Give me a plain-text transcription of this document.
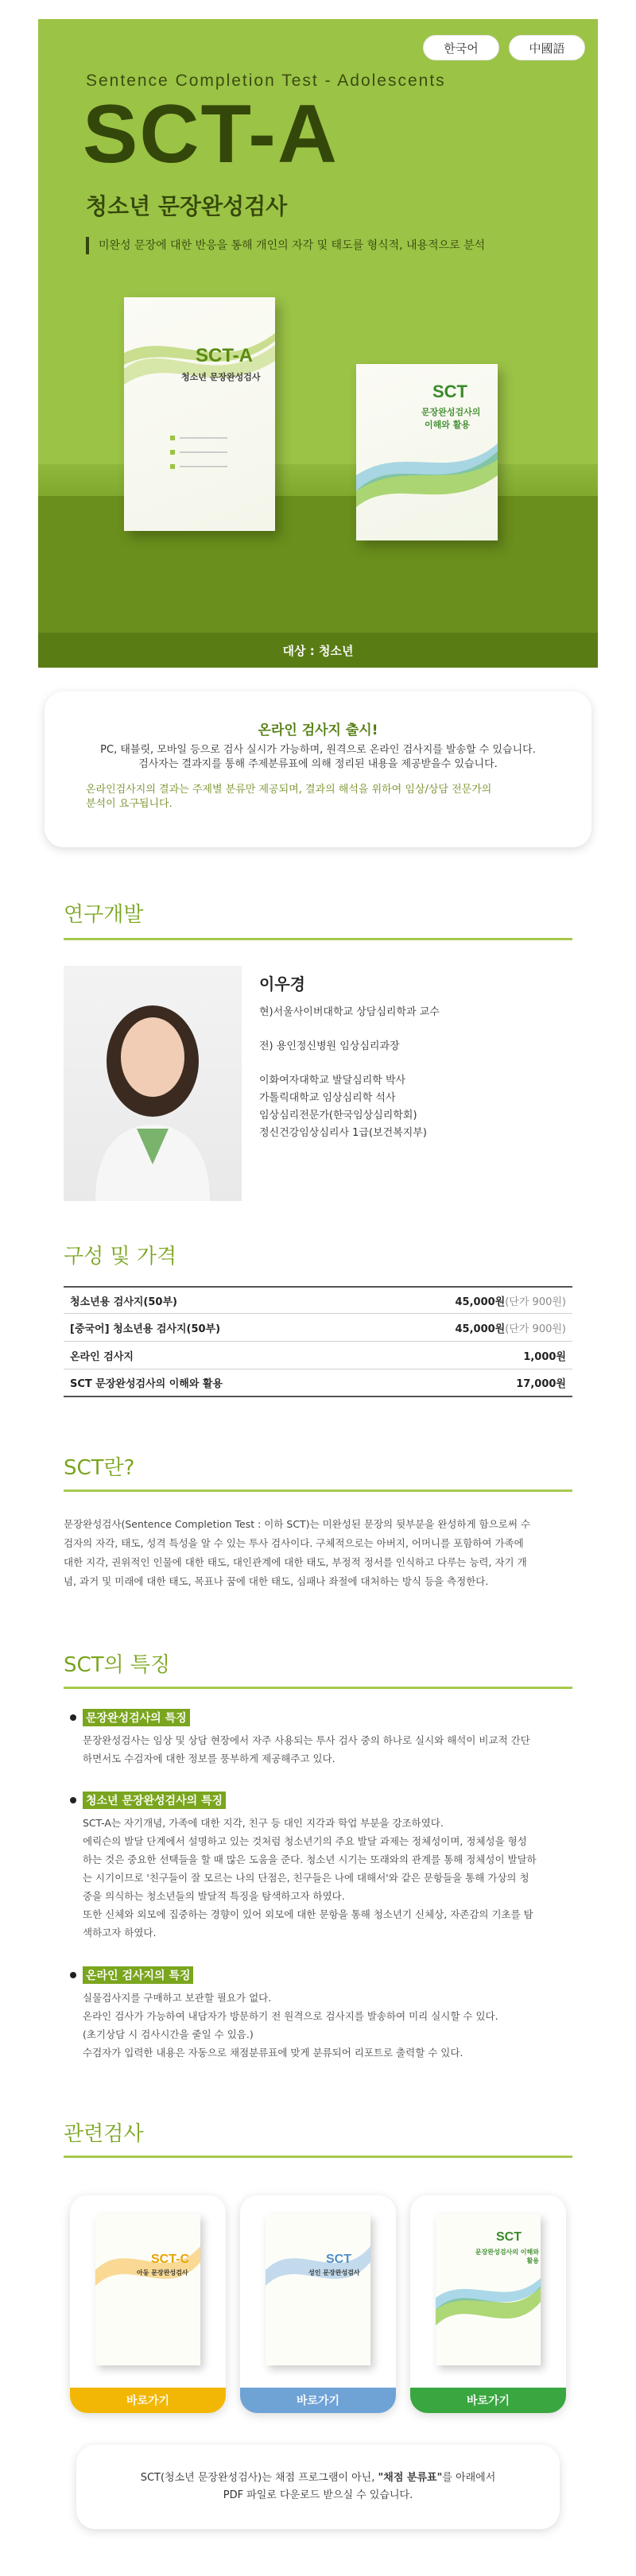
한국어	中國語
Sentence Completion Test - Adolescents
SCT-A
청소년 문장완성검사
미완성 문장에 대한 반응을 통해 개인의 자각 및 태도를 형식적, 내용적으로 분석
SCT-A
청소년 문장완성검사
SCT
문장완성검사의
이해와 활용
대상 : 청소년
온라인 검사지 출시!
PC, 태블릿, 모바일 등으로 검사 실시가 가능하며, 원격으로 온라인 검사지를 발송할 수 있습니다.
검사자는 결과지를 통해 주제분류표에 의해 정리된 내용을 제공받을수 있습니다.
온라인검사지의 결과는 주제별 분류만 제공되며, 결과의 해석을 위하여 임상/상담 전문가의
분석이 요구됩니다.
연구개발
이우경
현)서울사이버대학교 상담심리학과 교수
전) 용인정신병원 임상심리과장
이화여자대학교 발달심리학 박사
가톨릭대학교 임상심리학 석사
임상심리전문가(한국임상심리학회)
정신건강임상심리사 1급(보건복지부)
구성 및 가격
청소년용 검사지(50부)	45,000원(단가 900원)
[중국어] 청소년용 검사지(50부)	45,000원(단가 900원)
온라인 검사지	1,000원
SCT 문장완성검사의 이해와 활용	17,000원
SCT란?
문장완성검사(Sentence Completion Test : 이하 SCT)는 미완성된 문장의 뒷부분을 완성하게 함으로써 수
검자의 자각, 태도, 성격 특성을 알 수 있는 투사 검사이다. 구체적으로는 아버지, 어머니를 포함하여 가족에
대한 지각, 권위적인 인물에 대한 태도, 대인관계에 대한 태도, 부정적 정서를 인식하고 다루는 능력, 자기 개
념, 과거 및 미래에 대한 태도, 목표나 꿈에 대한 태도, 심패나 좌절에 대처하는 방식 등을 측정한다.
SCT의 특징
문장완성검사의 특징
문장완성검사는 임상 및 상담 현장에서 자주 사용되는 투사 검사 중의 하나로 실시와 해석이 비교적 간단
하면서도 수검자에 대한 정보를 풍부하게 제공해주고 있다.
청소년 문장완성검사의 특징
SCT-A는 자기개념, 가족에 대한 지각, 친구 등 대인 지각과 학업 부분을 강조하였다.
에릭슨의 발달 단계에서 설명하고 있는 것처럼 청소년기의 주요 발달 과제는 정체성이며, 정체성을 형성
하는 것은 중요한 선택들을 할 때 많은 도움을 준다. 청소년 시기는 또래와의 관계를 통해 정체성이 발달하
는 시기이므로 '친구들이 잘 모르는 나의 단점은, 친구들은 나에 대해서'와 같은 문항들을 통해 가상의 청
중을 의식하는 청소년들의 발달적 특징을 탐색하고자 하였다.
또한 신체와 외모에 집중하는 경향이 있어 외모에 대한 문항을 통해 청소년기 신체상, 자존감의 기초를 탐
색하고자 하였다.
온라인 검사지의 특징
실물검사지를 구매하고 보관할 필요가 없다.
온라인 검사가 가능하여 내담자가 방문하기 전 원격으로 검사지를 발송하여 미리 실시할 수 있다.
(초기상담 시 검사시간을 줄일 수 있음.)
수검자가 입력한 내용은 자동으로 채점분류표에 맞게 분류되어 리포트로 출력할 수 있다.
관련검사
SCT-C
아동 문장완성검사
바로가기
SCT
성인 문장완성검사
바로가기
SCT
문장완성검사의 이해와 활용
바로가기
SCT(청소년 문장완성검사)는 채점 프로그램이 아닌, "채점 분류표"를 아래에서
PDF 파일로 다운로드 받으실 수 있습니다.
